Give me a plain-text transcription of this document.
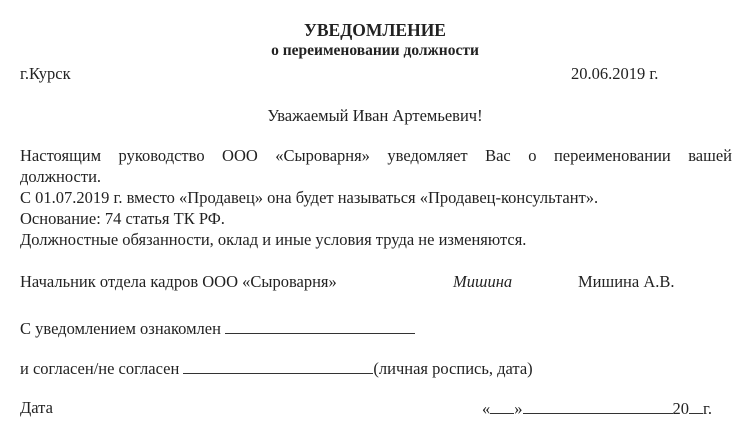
УВЕДОМЛЕНИЕ
о переименовании должности
г.Курск	20.06.2019 г.
Уважаемый Иван Артемьевич!
Настоящим руководство ООО «Сыроварня» уведомляет Вас о переименовании вашей
должности.
С 01.07.2019 г. вместо «Продавец» она будет называться «Продавец-консультант».
Основание: 74 статья ТК РФ.
Должностные обязанности, оклад и иные условия труда не изменяются.
Начальник отдела кадров ООО «Сыроварня»	Мишина	Мишина А.В.
С уведомлением ознакомлен
и согласен/не согласен	(личная роспись, дата)
Дата	« »	20 г.
